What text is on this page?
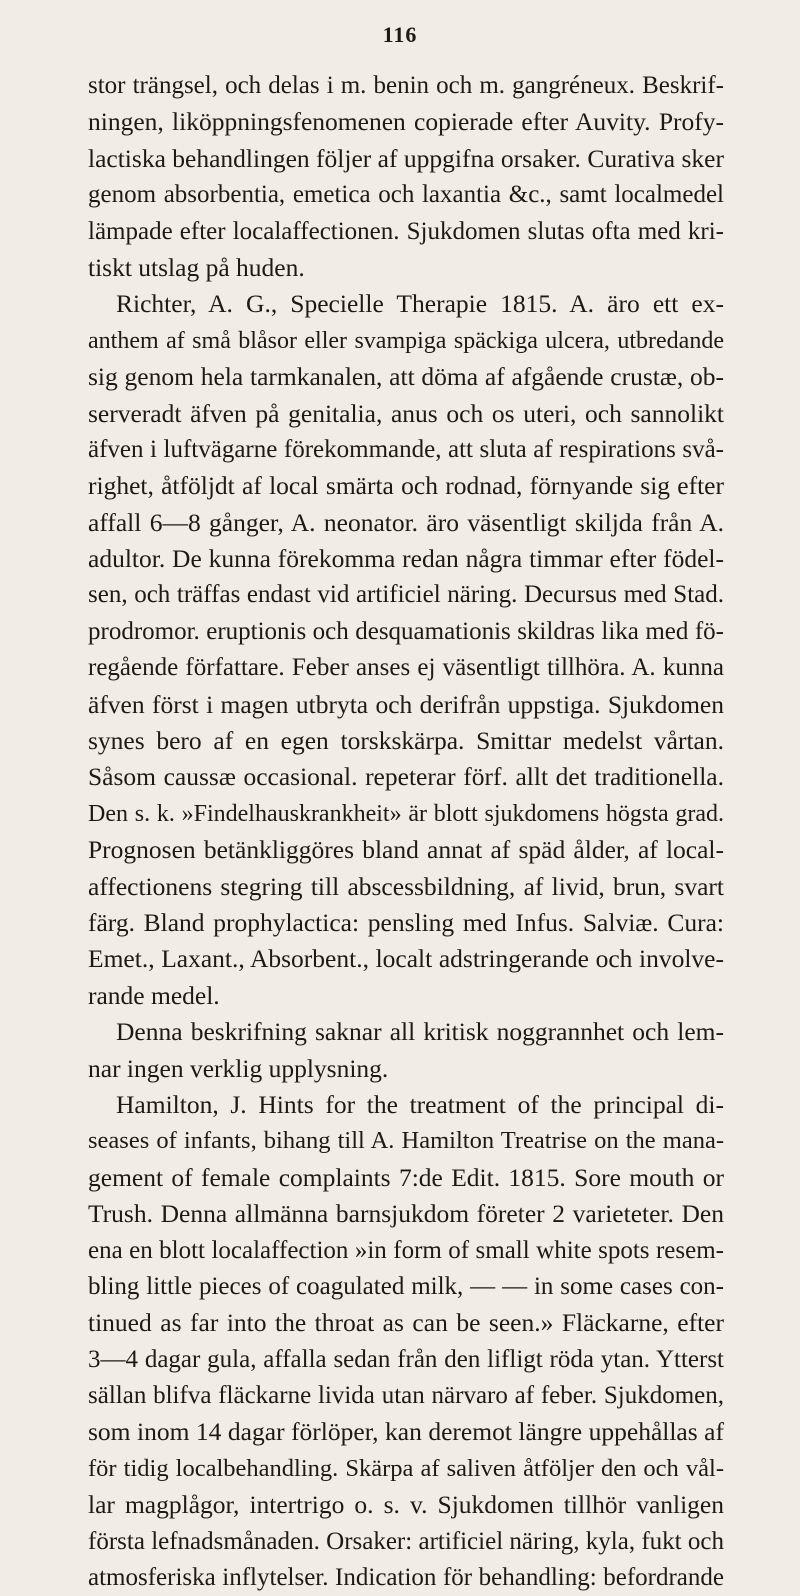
116
stor trängsel, och delas i m. benin och m. gangréneux. Beskrif-
ningen, liköppningsfenomenen copierade efter Auvity. Profy-
lactiska behandlingen följer af uppgifna orsaker. Curativa sker
genom absorbentia, emetica och laxantia &c., samt localmedel
lämpade efter localaffectionen. Sjukdomen slutas ofta med kri-
tiskt utslag på huden.
Richter, A. G., Specielle Therapie 1815. A. äro ett ex-
anthem af små blåsor eller svampiga späckiga ulcera, utbredande
sig genom hela tarmkanalen, att döma af afgående crustæ, ob-
serveradt äfven på genitalia, anus och os uteri, och sannolikt
äfven i luftvägarne förekommande, att sluta af respirations svå-
righet, åtföljdt af local smärta och rodnad, förnyande sig efter
affall 6—8 gånger, A. neonator. äro väsentligt skiljda från A.
adultor. De kunna förekomma redan några timmar efter födel-
sen, och träffas endast vid artificiel näring. Decursus med Stad.
prodromor. eruptionis och desquamationis skildras lika med fö-
regående författare. Feber anses ej väsentligt tillhöra. A. kunna
äfven först i magen utbryta och derifrån uppstiga. Sjukdomen
synes bero af en egen torskskärpa. Smittar medelst vårtan.
Såsom caussæ occasional. repeterar förf. allt det traditionella.
Den s. k. »Findelhauskrankheit» är blott sjukdomens högsta grad.
Prognosen betänkliggöres bland annat af späd ålder, af local-
affectionens stegring till abscessbildning, af livid, brun, svart
färg. Bland prophylactica: pensling med Infus. Salviæ. Cura:
Emet., Laxant., Absorbent., localt adstringerande och involve-
rande medel.
Denna beskrifning saknar all kritisk noggrannhet och lem-
nar ingen verklig upplysning.
Hamilton, J. Hints for the treatment of the principal di-
seases of infants, bihang till A. Hamilton Treatrise on the mana-
gement of female complaints 7:de Edit. 1815. Sore mouth or
Trush. Denna allmänna barnsjukdom företer 2 varieteter. Den
ena en blott localaffection »in form of small white spots resem-
bling little pieces of coagulated milk, — — in some cases con-
tinued as far into the throat as can be seen.» Fläckarne, efter
3—4 dagar gula, affalla sedan från den lifligt röda ytan. Ytterst
sällan blifva fläckarne livida utan närvaro af feber. Sjukdomen,
som inom 14 dagar förlöper, kan deremot längre uppehållas af
för tidig localbehandling. Skärpa af saliven åtföljer den och vål-
lar magplågor, intertrigo o. s. v. Sjukdomen tillhör vanligen
första lefnadsmånaden. Orsaker: artificiel näring, kyla, fukt och
atmosferiska inflytelser. Indication för behandling: befordrande
